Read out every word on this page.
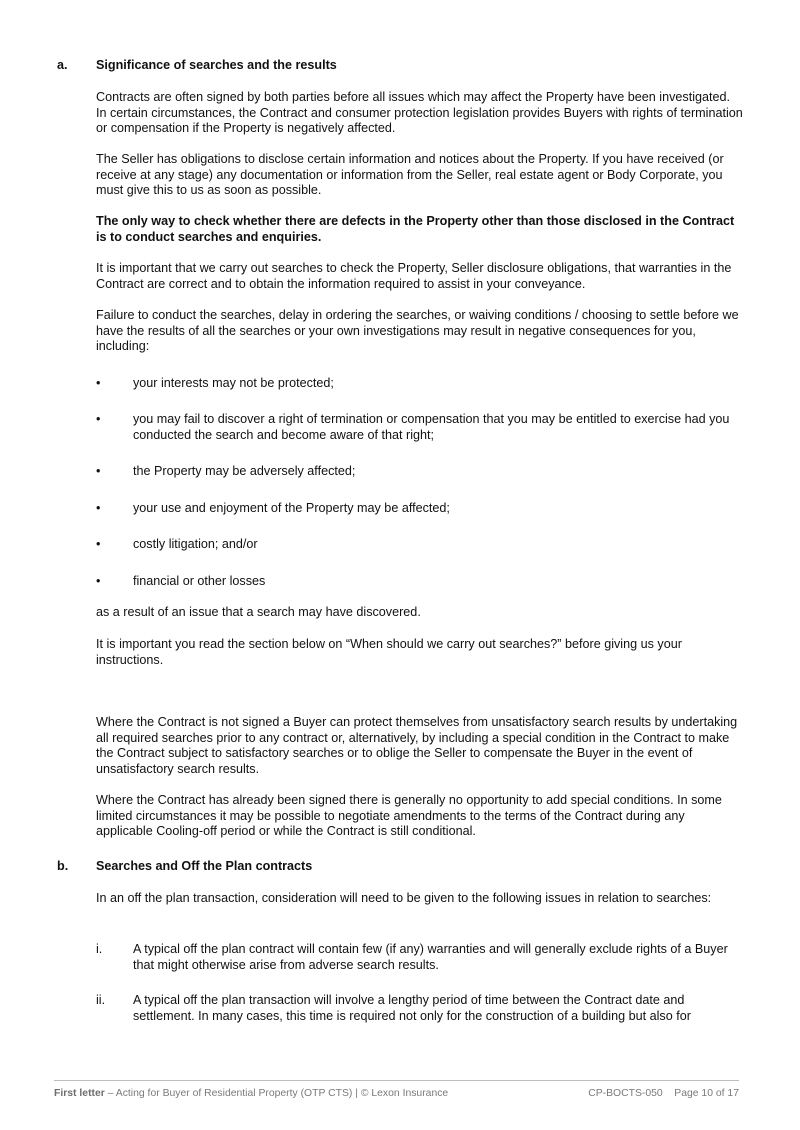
a. Significance of searches and the results

Contracts are often signed by both parties before all issues which may affect the Property have been investigated. In certain circumstances, the Contract and consumer protection legislation provides Buyers with rights of termination or compensation if the Property is negatively affected.

The Seller has obligations to disclose certain information and notices about the Property. If you have received (or receive at any stage) any documentation or information from the Seller, real estate agent or Body Corporate, you must give this to us as soon as possible.

The only way to check whether there are defects in the Property other than those disclosed in the Contract is to conduct searches and enquiries.

It is important that we carry out searches to check the Property, Seller disclosure obligations, that warranties in the Contract are correct and to obtain the information required to assist in your conveyance.

Failure to conduct the searches, delay in ordering the searches, or waiving conditions / choosing to settle before we have the results of all the searches or your own investigations may result in negative consequences for you, including:

•	your interests may not be protected;
•	you may fail to discover a right of termination or compensation that you may be entitled to exercise had you conducted the search and become aware of that right;
•	the Property may be adversely affected;
•	your use and enjoyment of the Property may be affected;
•	costly litigation; and/or
•	financial or other losses

as a result of an issue that a search may have discovered.

It is important you read the section below on “When should we carry out searches?” before giving us your instructions.

Where the Contract is not signed a Buyer can protect themselves from unsatisfactory search results by undertaking all required searches prior to any contract or, alternatively, by including a special condition in the Contract to make the Contract subject to satisfactory searches or to oblige the Seller to compensate the Buyer in the event of unsatisfactory search results.

Where the Contract has already been signed there is generally no opportunity to add special conditions. In some limited circumstances it may be possible to negotiate amendments to the terms of the Contract during any applicable Cooling-off period or while the Contract is still conditional.

b. Searches and Off the Plan contracts

In an off the plan transaction, consideration will need to be given to the following issues in relation to searches:

i. A typical off the plan contract will contain few (if any) warranties and will generally exclude rights of a Buyer that might otherwise arise from adverse search results.
ii. A typical off the plan transaction will involve a lengthy period of time between the Contract date and settlement. In many cases, this time is required not only for the construction of a building but also for
First letter – Acting for Buyer of Residential Property (OTP CTS) | © Lexon Insurance	CP-BOCTS-050 Page 10 of 17
